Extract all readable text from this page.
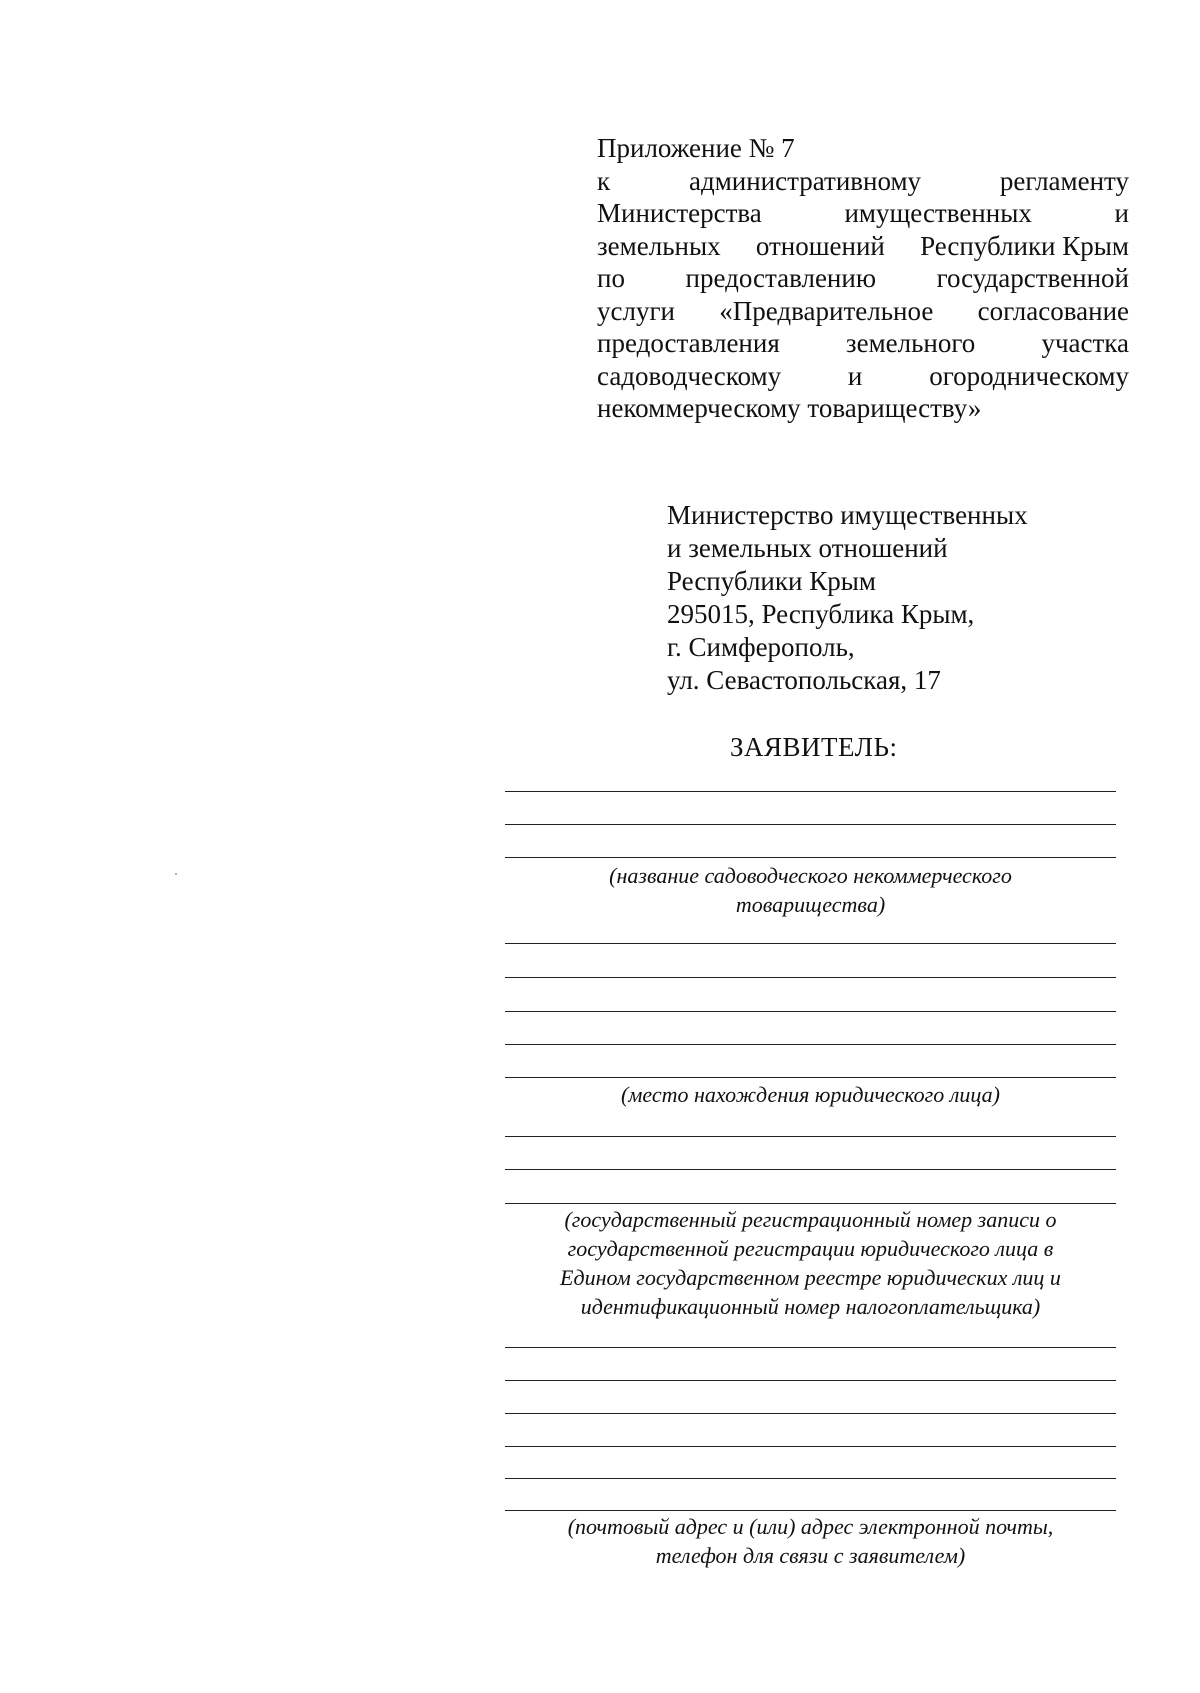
Приложение № 7
к	административному	регламенту
Министерства	имущественных	и
земельных отношений Республики Крым
по предоставлению государственной
услуги «Предварительное согласование
предоставления земельного участка
садоводческому и огородническому
некоммерческому товариществу»
Министерство имущественных
и земельных отношений
Республики Крым
295015, Республика Крым,
г. Симферополь,
ул. Севастопольская, 17
ЗАЯВИТЕЛЬ:
(название садоводческого некоммерческого
товарищества)
(место нахождения юридического лица)
(государственный регистрационный номер записи о
государственной регистрации юридического лица в
Едином государственном реестре юридических лиц и
идентификационный номер налогоплательщика)
(почтовый адрес и (или) адрес электронной почты,
телефон для связи с заявителем)
